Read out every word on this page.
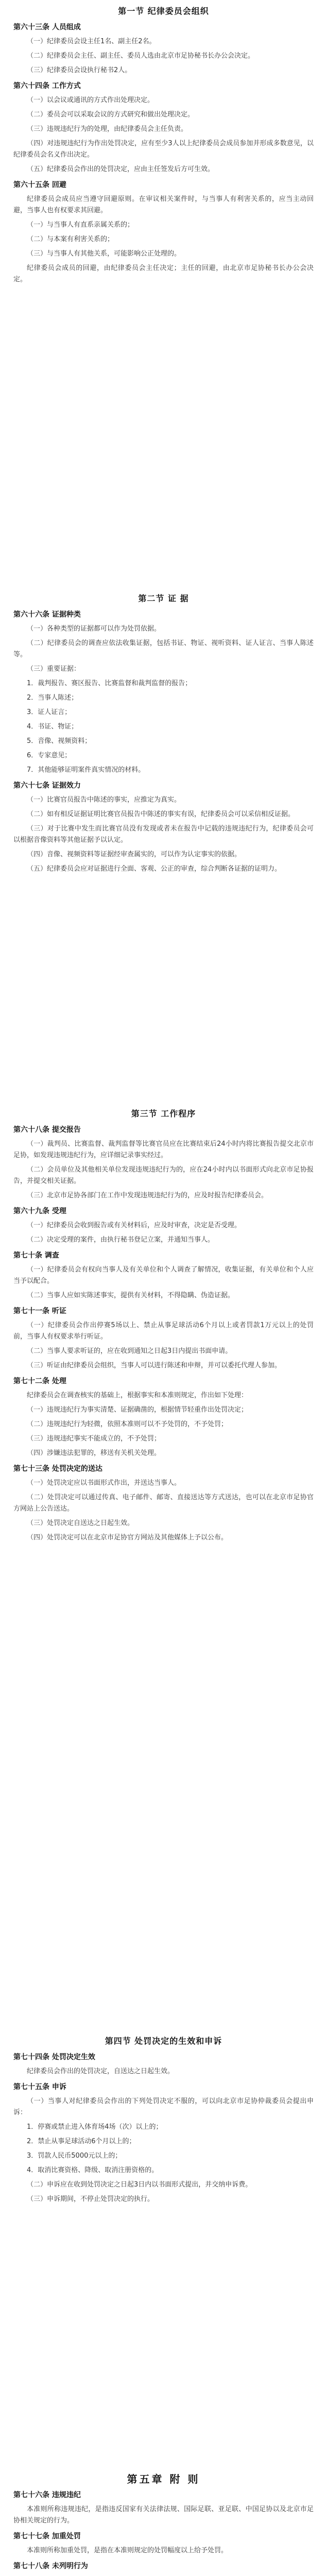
第一节 纪律委员会组织
第六十三条 人员组成
（一）纪律委员会设主任1名、副主任2名。
（二）纪律委员会主任、副主任、委员人选由北京市足协秘书长办公会决定。
（三）纪律委员会设执行秘书2人。
第六十四条 工作方式
（一）以会议或通讯的方式作出处理决定。
（二）委员会可以采取会议的方式研究和做出处理决定。
（三）违规违纪行为的处理，由纪律委员会主任负责。
（四）对违规违纪行为作出处罚决定，应有至少3人以上纪律委员会成员参加并形成多数意见，以纪律委员会名义作出决定。
（五）纪律委员会作出的处罚决定，应由主任签发后方可生效。
第六十五条 回避
纪律委员会成员应当遵守回避原则。在审议相关案件时，与当事人有利害关系的，应当主动回避，当事人也有权要求其回避。
（一）与当事人有直系亲属关系的；
（二）与本案有利害关系的；
（三）与当事人有其他关系，可能影响公正处理的。
纪律委员会成员的回避，由纪律委员会主任决定；主任的回避，由北京市足协秘书长办公会决定。
第二节 证 据
第六十六条 证据种类
（一）各种类型的证据都可以作为处罚依据。
（二）纪律委员会的调查应依法收集证据，包括书证、物证、视听资料、证人证言、当事人陈述等。
（三）重要证据：
1．裁判报告、赛区报告、比赛监督和裁判监督的报告；
2．当事人陈述；
3．证人证言；
4．书证、物证；
5．音像、视频资料；
6．专家意见；
7．其他能够证明案件真实情况的材料。
第六十七条 证据效力
（一）比赛官员报告中陈述的事实，应推定为真实。
（二）如有相反证据证明比赛官员报告中陈述的事实有误，纪律委员会可以采信相反证据。
（三）对于比赛中发生而比赛官员没有发现或者未在报告中记载的违规违纪行为，纪律委员会可以根据音像资料等其他证据予以认定。
（四）音像、视频资料等证据经审查属实的，可以作为认定事实的依据。
（五）纪律委员会应对证据进行全面、客观、公正的审查，综合判断各证据的证明力。
第三节 工作程序
第六十八条 提交报告
（一）裁判员、比赛监督、裁判监督等比赛官员应在比赛结束后24小时内将比赛报告提交北京市足协，如发现违规违纪行为，应详细记录事实经过。
（二）会员单位及其他相关单位发现违规违纪行为的，应在24小时内以书面形式向北京市足协报告，并提交相关证据。
（三）北京市足协各部门在工作中发现违规违纪行为的，应及时报告纪律委员会。
第六十九条 受理
（一）纪律委员会收到报告或有关材料后，应及时审查，决定是否受理。
（二）决定受理的案件，由执行秘书登记立案，并通知当事人。
第七十条 调查
（一）纪律委员会有权向当事人及有关单位和个人调查了解情况，收集证据，有关单位和个人应当予以配合。
（二）当事人应如实陈述事实，提供有关材料，不得隐瞒、伪造证据。
第七十一条 听证
（一）纪律委员会作出停赛5场以上、禁止从事足球活动6个月以上或者罚款1万元以上的处罚前，当事人有权要求举行听证。
（二）当事人要求听证的，应在收到通知之日起3日内提出书面申请。
（三）听证由纪律委员会组织，当事人可以进行陈述和申辩，并可以委托代理人参加。
第七十二条 处理
纪律委员会在调查核实的基础上，根据事实和本准则规定，作出如下处理：
（一）违规违纪行为事实清楚、证据确凿的，根据情节轻重作出处罚决定；
（二）违规违纪行为轻微，依照本准则可以不予处罚的，不予处罚；
（三）违规违纪事实不能成立的，不予处罚；
（四）涉嫌违法犯罪的，移送有关机关处理。
第七十三条 处罚决定的送达
（一）处罚决定应以书面形式作出，并送达当事人。
（二）处罚决定可以通过传真、电子邮件、邮寄、直接送达等方式送达，也可以在北京市足协官方网站上公告送达。
（三）处罚决定自送达之日起生效。
（四）处罚决定可以在北京市足协官方网站及其他媒体上予以公布。
第四节 处罚决定的生效和申诉
第七十四条 处罚决定生效
纪律委员会作出的处罚决定，自送达之日起生效。
第七十五条 申诉
（一）当事人对纪律委员会作出的下列处罚决定不服的，可以向北京市足协仲裁委员会提出申诉：
1．停赛或禁止进入体育场4场（次）以上的；
2．禁止从事足球活动6个月以上的；
3．罚款人民币5000元以上的；
4．取消比赛资格、降级、取消注册资格的。
（二）申诉应在收到处罚决定之日起3日内以书面形式提出，并交纳申诉费。
（三）申诉期间，不停止处罚决定的执行。
第五章 附 则
第七十六条 违规违纪
本准则所称违规违纪，是指违反国家有关法律法规、国际足联、亚足联、中国足协以及北京市足协相关规定的行为。
第七十七条 加重处罚
本准则所称加重处罚，是指在本准则规定的处罚幅度以上给予处罚。
第七十八条 未列明行为
